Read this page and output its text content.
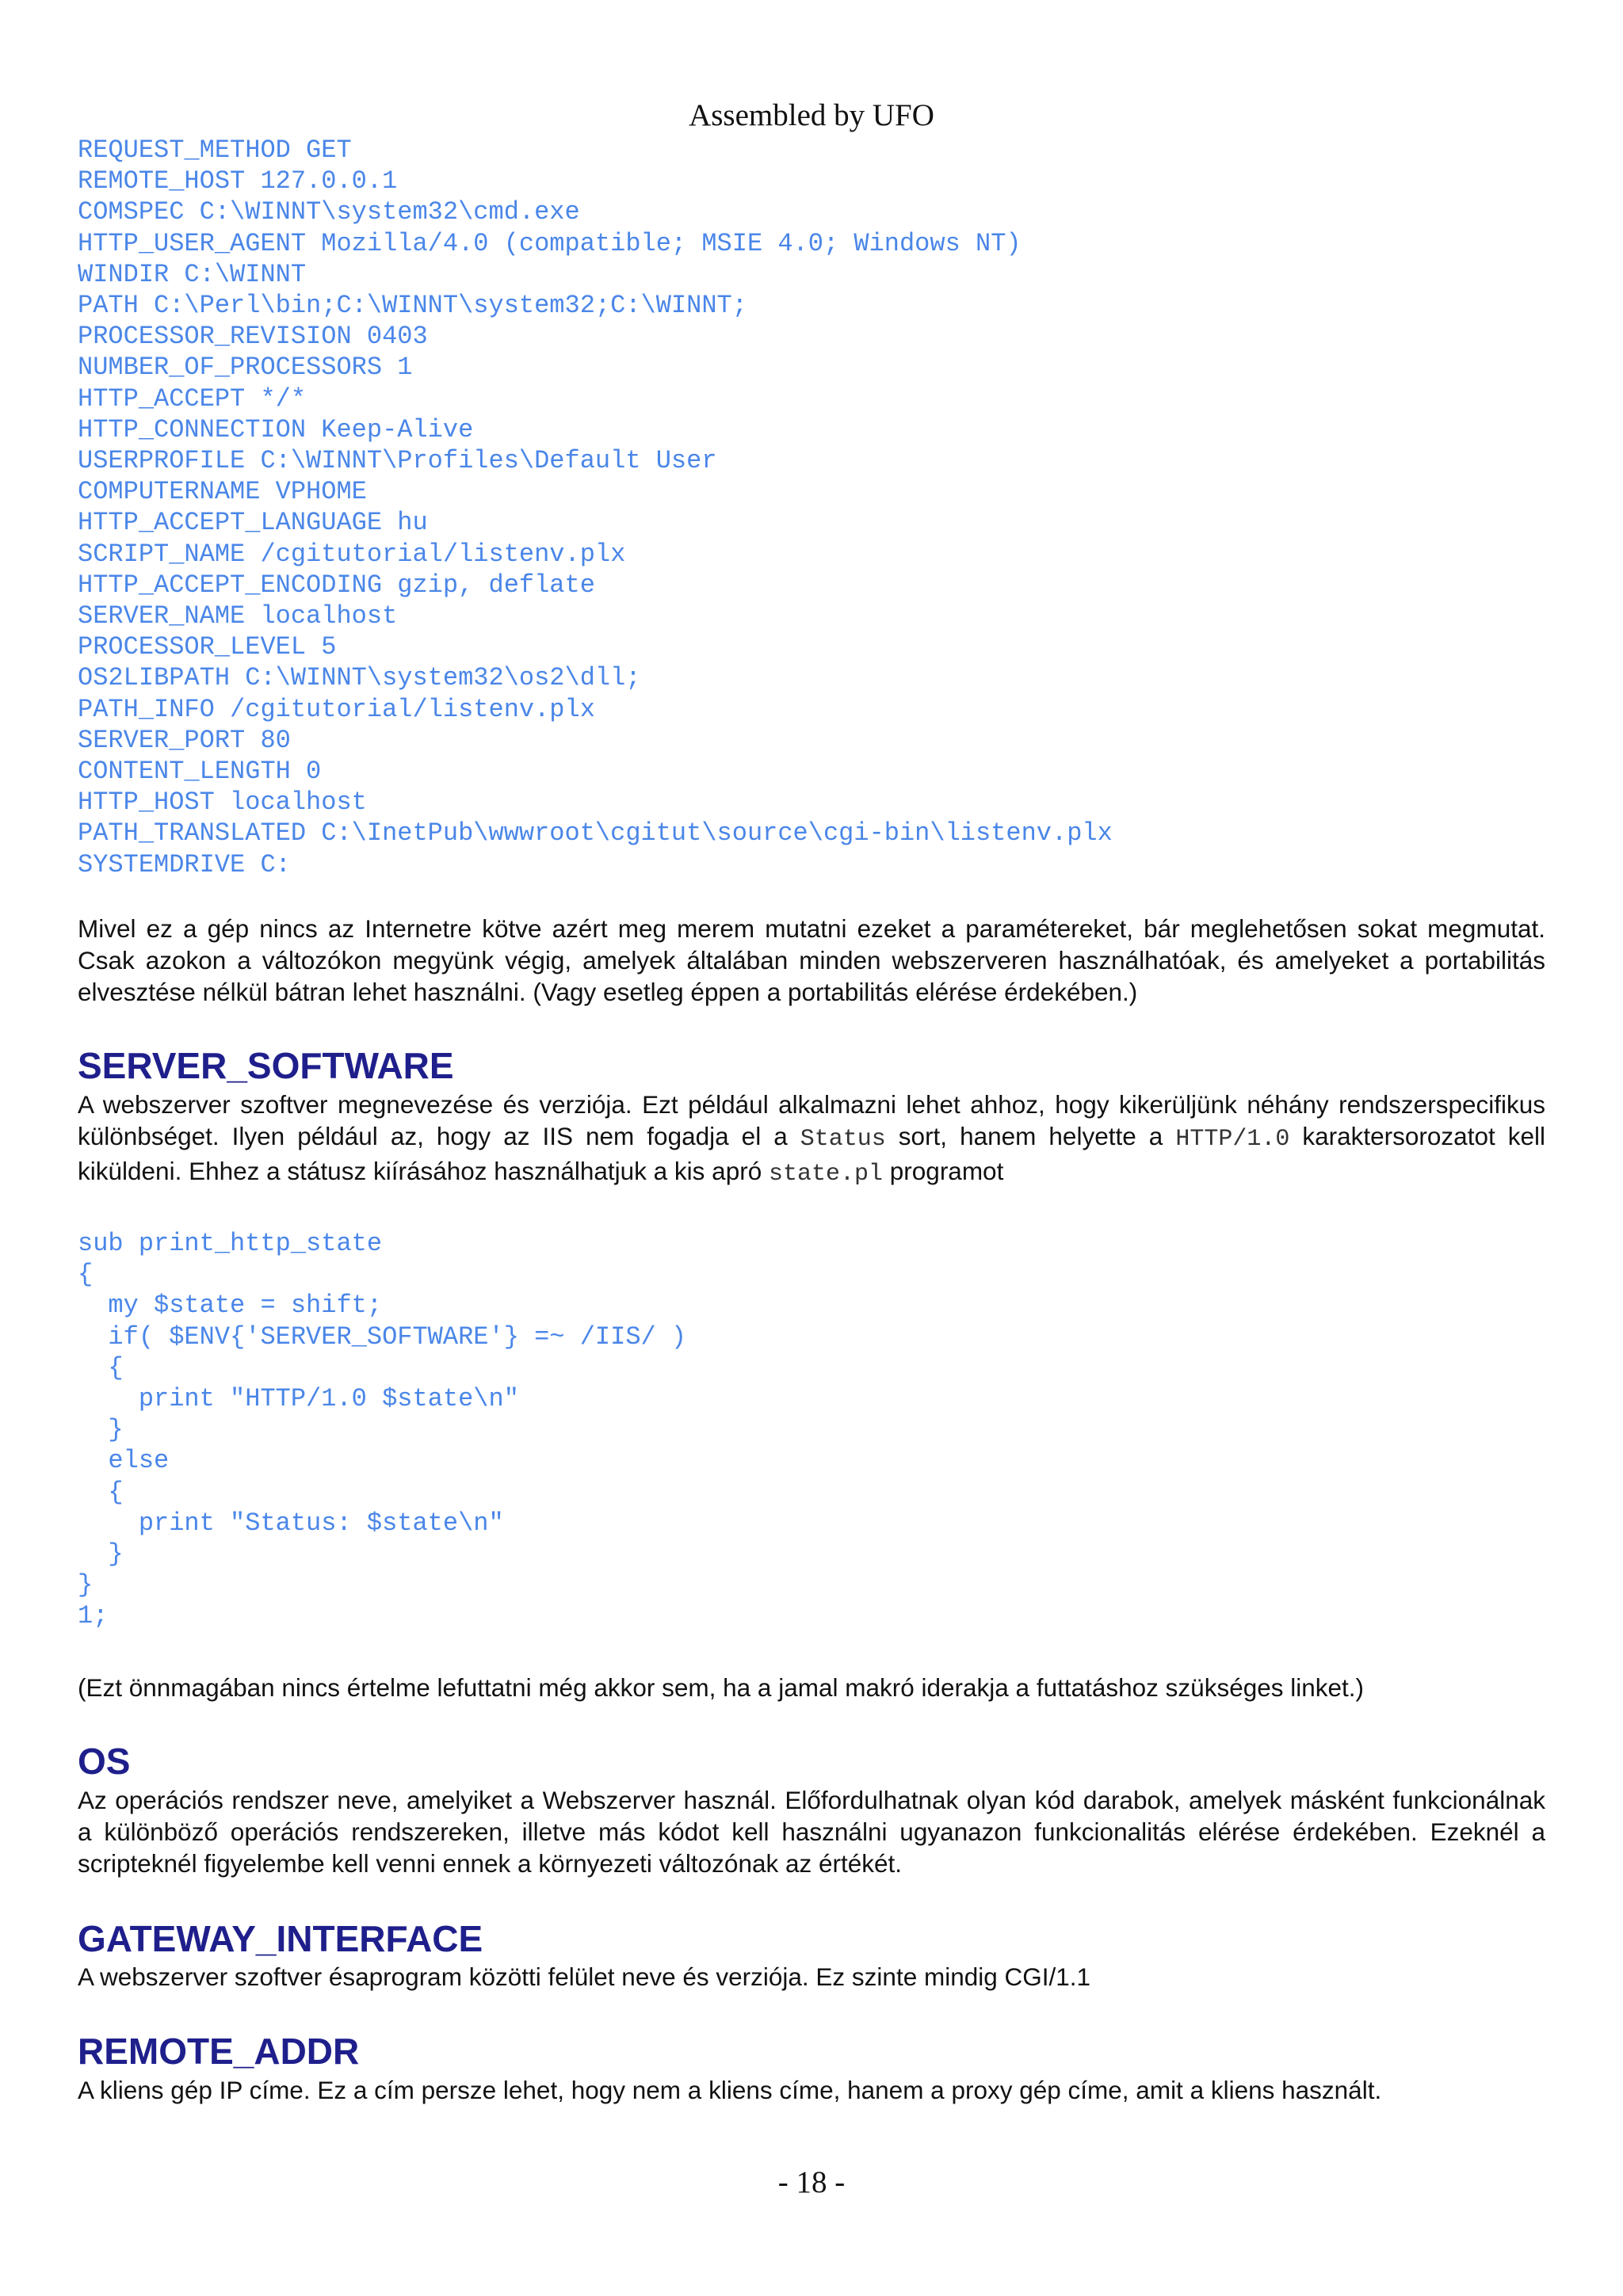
Assembled by UFO
REQUEST_METHOD GET
REMOTE_HOST 127.0.0.1
COMSPEC C:\WINNT\system32\cmd.exe
HTTP_USER_AGENT Mozilla/4.0 (compatible; MSIE 4.0; Windows NT)
WINDIR C:\WINNT
PATH C:\Perl\bin;C:\WINNT\system32;C:\WINNT;
PROCESSOR_REVISION 0403
NUMBER_OF_PROCESSORS 1
HTTP_ACCEPT */*
HTTP_CONNECTION Keep-Alive
USERPROFILE C:\WINNT\Profiles\Default User
COMPUTERNAME VPHOME
HTTP_ACCEPT_LANGUAGE hu
SCRIPT_NAME /cgitutorial/listenv.plx
HTTP_ACCEPT_ENCODING gzip, deflate
SERVER_NAME localhost
PROCESSOR_LEVEL 5
OS2LIBPATH C:\WINNT\system32\os2\dll;
PATH_INFO /cgitutorial/listenv.plx
SERVER_PORT 80
CONTENT_LENGTH 0
HTTP_HOST localhost
PATH_TRANSLATED C:\InetPub\wwwroot\cgitut\source\cgi-bin\listenv.plx
SYSTEMDRIVE C:

Mivel ez a gép nincs az Internetre kötve azért meg merem mutatni ezeket a paramétereket, bár meglehetősen sokat megmutat. Csak azokon a változókon megyünk végig, amelyek általában minden webszerveren használhatóak, és amelyeket a portabilitás elvesztése nélkül bátran lehet használni. (Vagy esetleg éppen a portabilitás elérése érdekében.)

SERVER_SOFTWARE

A webszerver szoftver megnevezése és verziója. Ezt például alkalmazni lehet ahhoz, hogy kikerüljünk néhány rendszerspecifikus különbséget. Ilyen például az, hogy az IIS nem fogadja el a Status sort, hanem helyette a HTTP/1.0 karaktersorozatot kell kiküldeni. Ehhez a státusz kiírásához használhatjuk a kis apró state.pl programot

sub print_http_state
{
my $state = shift;
if( $ENV{'SERVER_SOFTWARE'} =~ /IIS/ )
{
print "HTTP/1.0 $state\n"
}
else
{
print "Status: $state\n"
}
}
1;

(Ezt önnmagában nincs értelme lefuttatni még akkor sem, ha a jamal makró iderakja a futtatáshoz szükséges linket.)

OS

Az operációs rendszer neve, amelyiket a Webszerver használ. Előfordulhatnak olyan kód darabok, amelyek másként funkcionálnak a különböző operációs rendszereken, illetve más kódot kell használni ugyanazon funkcionalitás elérése érdekében. Ezeknél a scripteknél figyelembe kell venni ennek a környezeti változónak az értékét.

GATEWAY_INTERFACE

A webszerver szoftver ésaprogram közötti felület neve és verziója. Ez szinte mindig CGI/1.1

REMOTE_ADDR

A kliens gép IP címe. Ez a cím persze lehet, hogy nem a kliens címe, hanem a proxy gép címe, amit a kliens használt.

- 18 -
